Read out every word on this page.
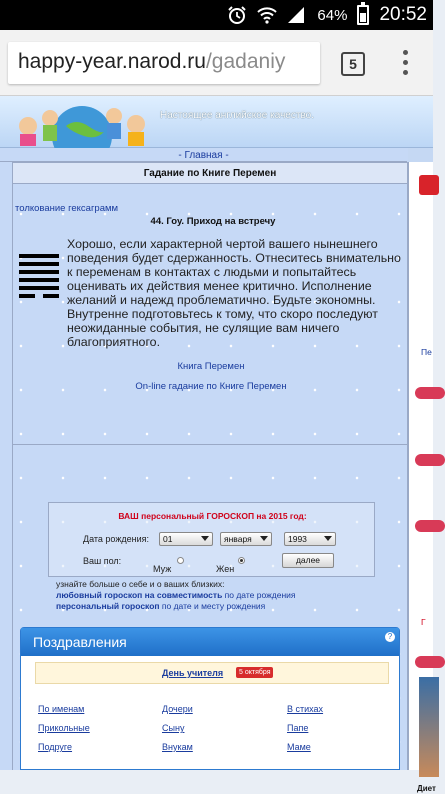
64% 20:52
happy-year.narod.ru/gadaniy	5
Настоящее английское качество.
- Главная -
Гадание по Книге Перемен
толкование гексаграмм
44. Гоу. Приход на встречу
Хорошо, если характерной чертой вашего нынешнего поведения будет сдержанность. Отнеситесь внимательно к переменам в контактах с людьми и попытайтесь оценивать их действия менее критично. Исполнение желаний и надежд проблематично. Будьте экономны. Внутренне подготовьтесь к тому, что скоро последуют неожиданные события, не сулящие вам ничего благоприятного.
Книга Перемен
On-line гадание по Книге Перемен
ВАШ персональный ГОРОСКОП на 2015 год:
Дата рождения:	01	января	1993
Ваш пол:
Муж	Жен
далее
узнайте больше о себе и о ваших близких:
любовный гороскоп на совместимость по дате рождения
персональный гороскоп по дате и месту рождения
Поздравления	?
День учителя	5 октября
По именам	Дочери	В стихах
Прикольные	Сыну	Папе
Подруге	Внукам	Маме
Пе
Г
Диет
